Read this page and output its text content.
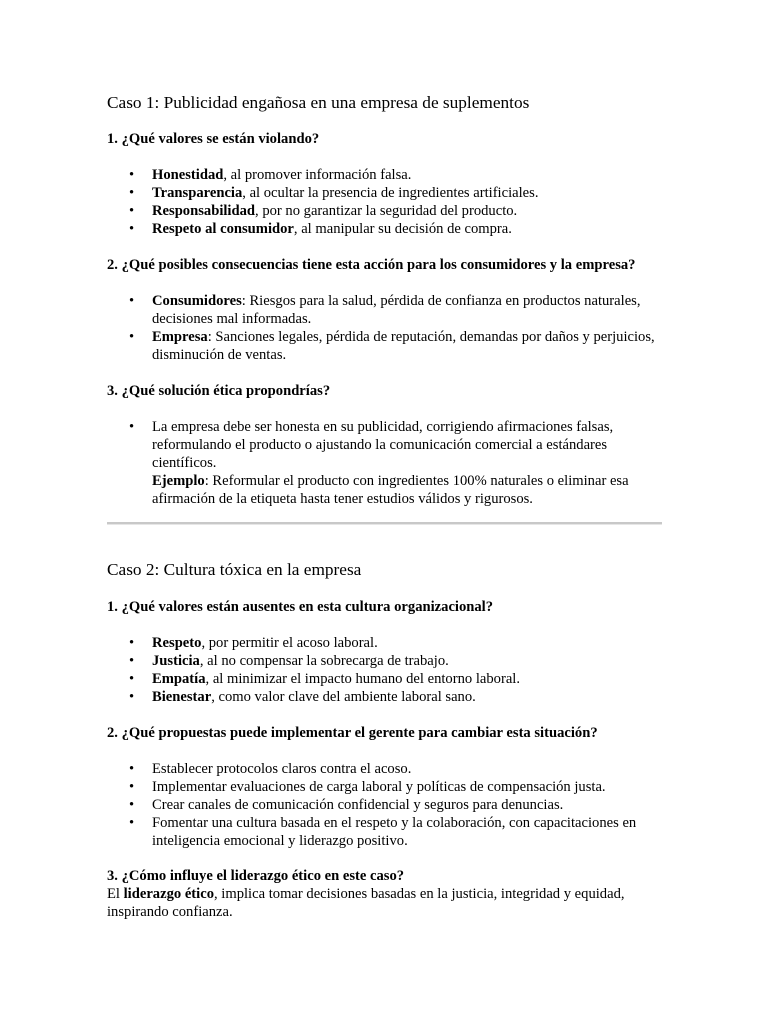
Caso 1: Publicidad engañosa en una empresa de suplementos

1. ¿Qué valores se están violando?

• Honestidad, al promover información falsa.
• Transparencia, al ocultar la presencia de ingredientes artificiales.
• Responsabilidad, por no garantizar la seguridad del producto.
• Respeto al consumidor, al manipular su decisión de compra.

2. ¿Qué posibles consecuencias tiene esta acción para los consumidores y la empresa?

• Consumidores: Riesgos para la salud, pérdida de confianza en productos naturales, decisiones mal informadas.
• Empresa: Sanciones legales, pérdida de reputación, demandas por daños y perjuicios, disminución de ventas.

3. ¿Qué solución ética propondrías?

• La empresa debe ser honesta en su publicidad, corrigiendo afirmaciones falsas, reformulando el producto o ajustando la comunicación comercial a estándares científicos.
Ejemplo: Reformular el producto con ingredientes 100% naturales o eliminar esa afirmación de la etiqueta hasta tener estudios válidos y rigurosos.
Caso 2: Cultura tóxica en la empresa

1. ¿Qué valores están ausentes en esta cultura organizacional?

• Respeto, por permitir el acoso laboral.
• Justicia, al no compensar la sobrecarga de trabajo.
• Empatía, al minimizar el impacto humano del entorno laboral.
• Bienestar, como valor clave del ambiente laboral sano.

2. ¿Qué propuestas puede implementar el gerente para cambiar esta situación?

• Establecer protocolos claros contra el acoso.
• Implementar evaluaciones de carga laboral y políticas de compensación justa.
• Crear canales de comunicación confidencial y seguros para denuncias.
• Fomentar una cultura basada en el respeto y la colaboración, con capacitaciones en inteligencia emocional y liderazgo positivo.

3. ¿Cómo influye el liderazgo ético en este caso?

El liderazgo ético, implica tomar decisiones basadas en la justicia, integridad y equidad, inspirando confianza.
